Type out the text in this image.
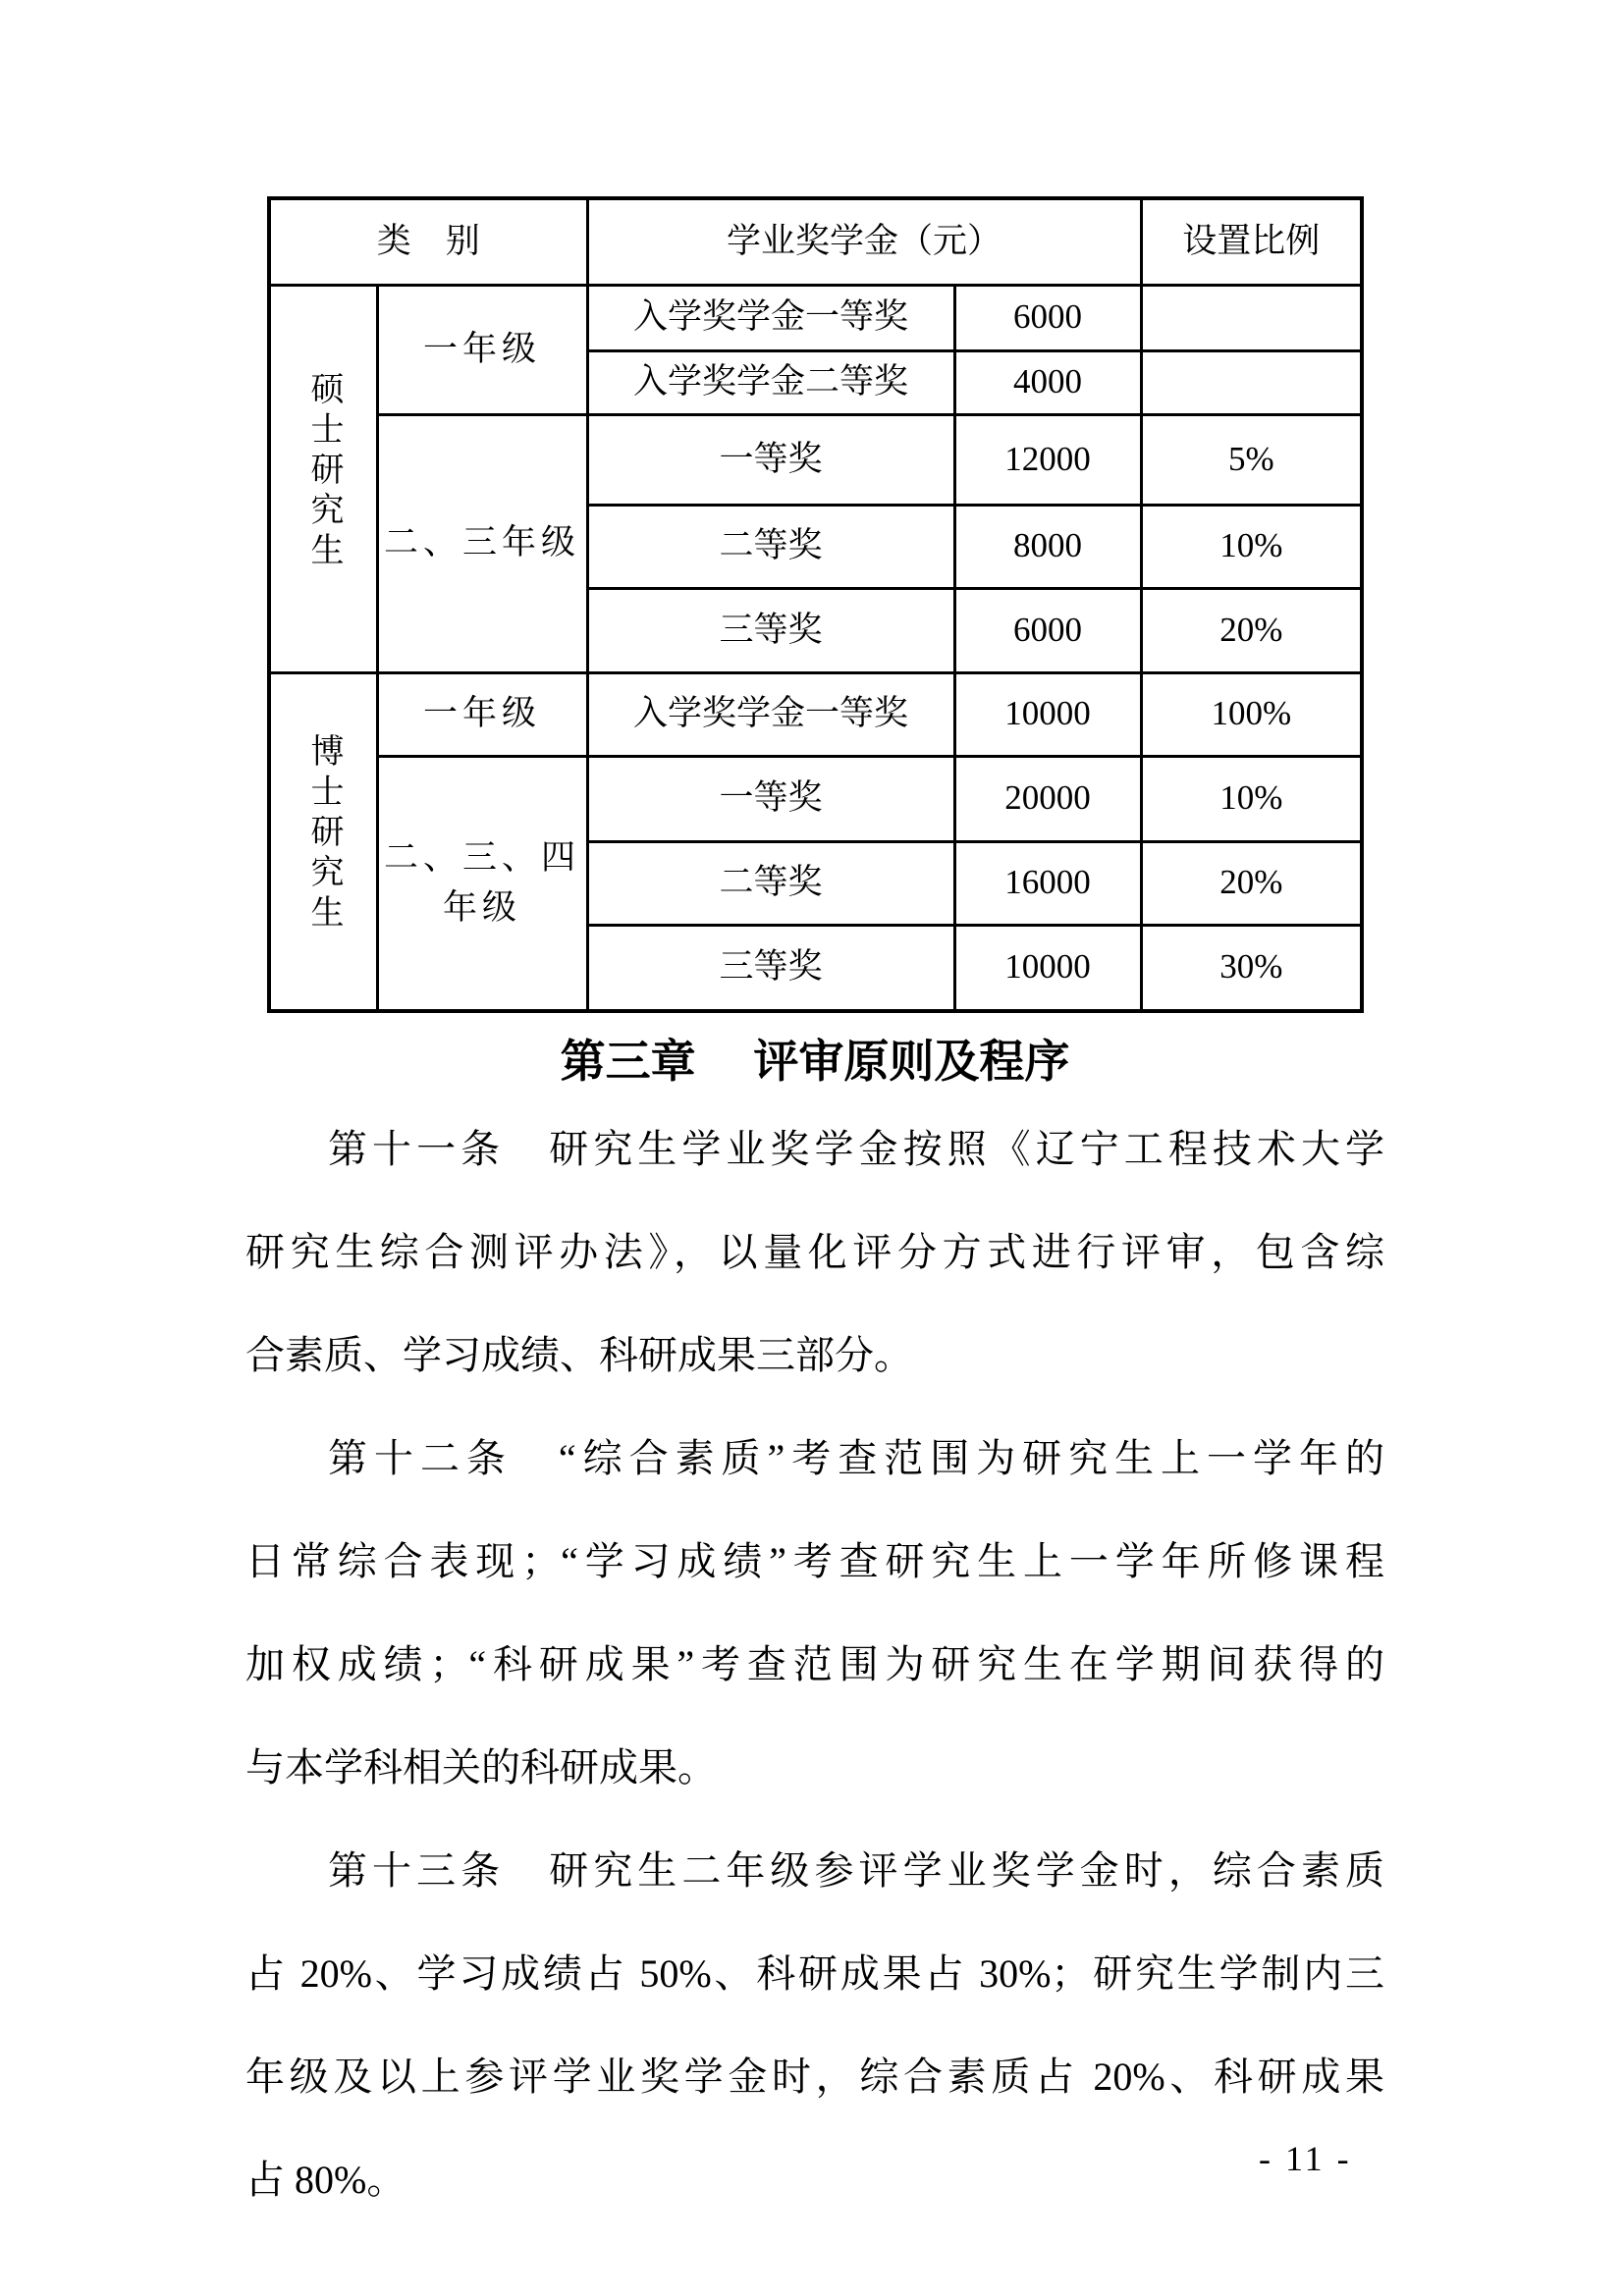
类　别		学业奖学金（元）		设置比例
硕士研究生	一年级	入学奖学金一等奖	6000	
		入学奖学金二等奖	4000	
	二、三年级	一等奖	12000	5%
		二等奖	8000	10%
		三等奖	6000	20%
博士研究生	一年级	入学奖学金一等奖	10000	100%
	二、三、四年级	一等奖	20000	10%
		二等奖	16000	20%
		三等奖	10000	30%
第三章　 评审原则及程序
第十一条　研究生学业奖学金按照《辽宁工程技术大学
研究生综合测评办法》，以量化评分方式进行评审，包含综
合素质、学习成绩、科研成果三部分。
第十二条　“综合素质”考查范围为研究生上一学年的
日常综合表现；“学习成绩”考查研究生上一学年所修课程
加权成绩；“科研成果”考查范围为研究生在学期间获得的
与本学科相关的科研成果。
第十三条　研究生二年级参评学业奖学金时，综合素质
占 20%、学习成绩占 50%、科研成果占 30%；研究生学制内三
年级及以上参评学业奖学金时，综合素质占 20%、科研成果
占 80%。	- 11 -
